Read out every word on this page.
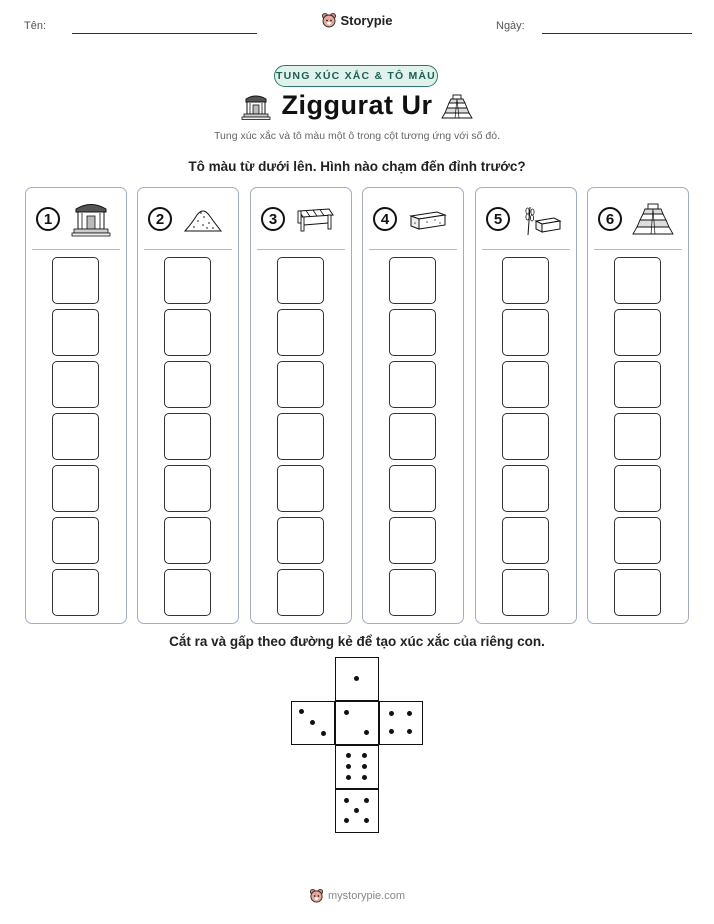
Tên:	Storypie	Ngày:
TUNG XÚC XẮC & TÔ MÀU
Ziggurat Ur
Tung xúc xắc và tô màu một ô trong cột tương ứng với số đó.
Tô màu từ dưới lên. Hình nào chạm đến đỉnh trước?
1	2	3	4	5	6
Cắt ra và gấp theo đường kẻ để tạo xúc xắc của riêng con.
mystorypie.com
